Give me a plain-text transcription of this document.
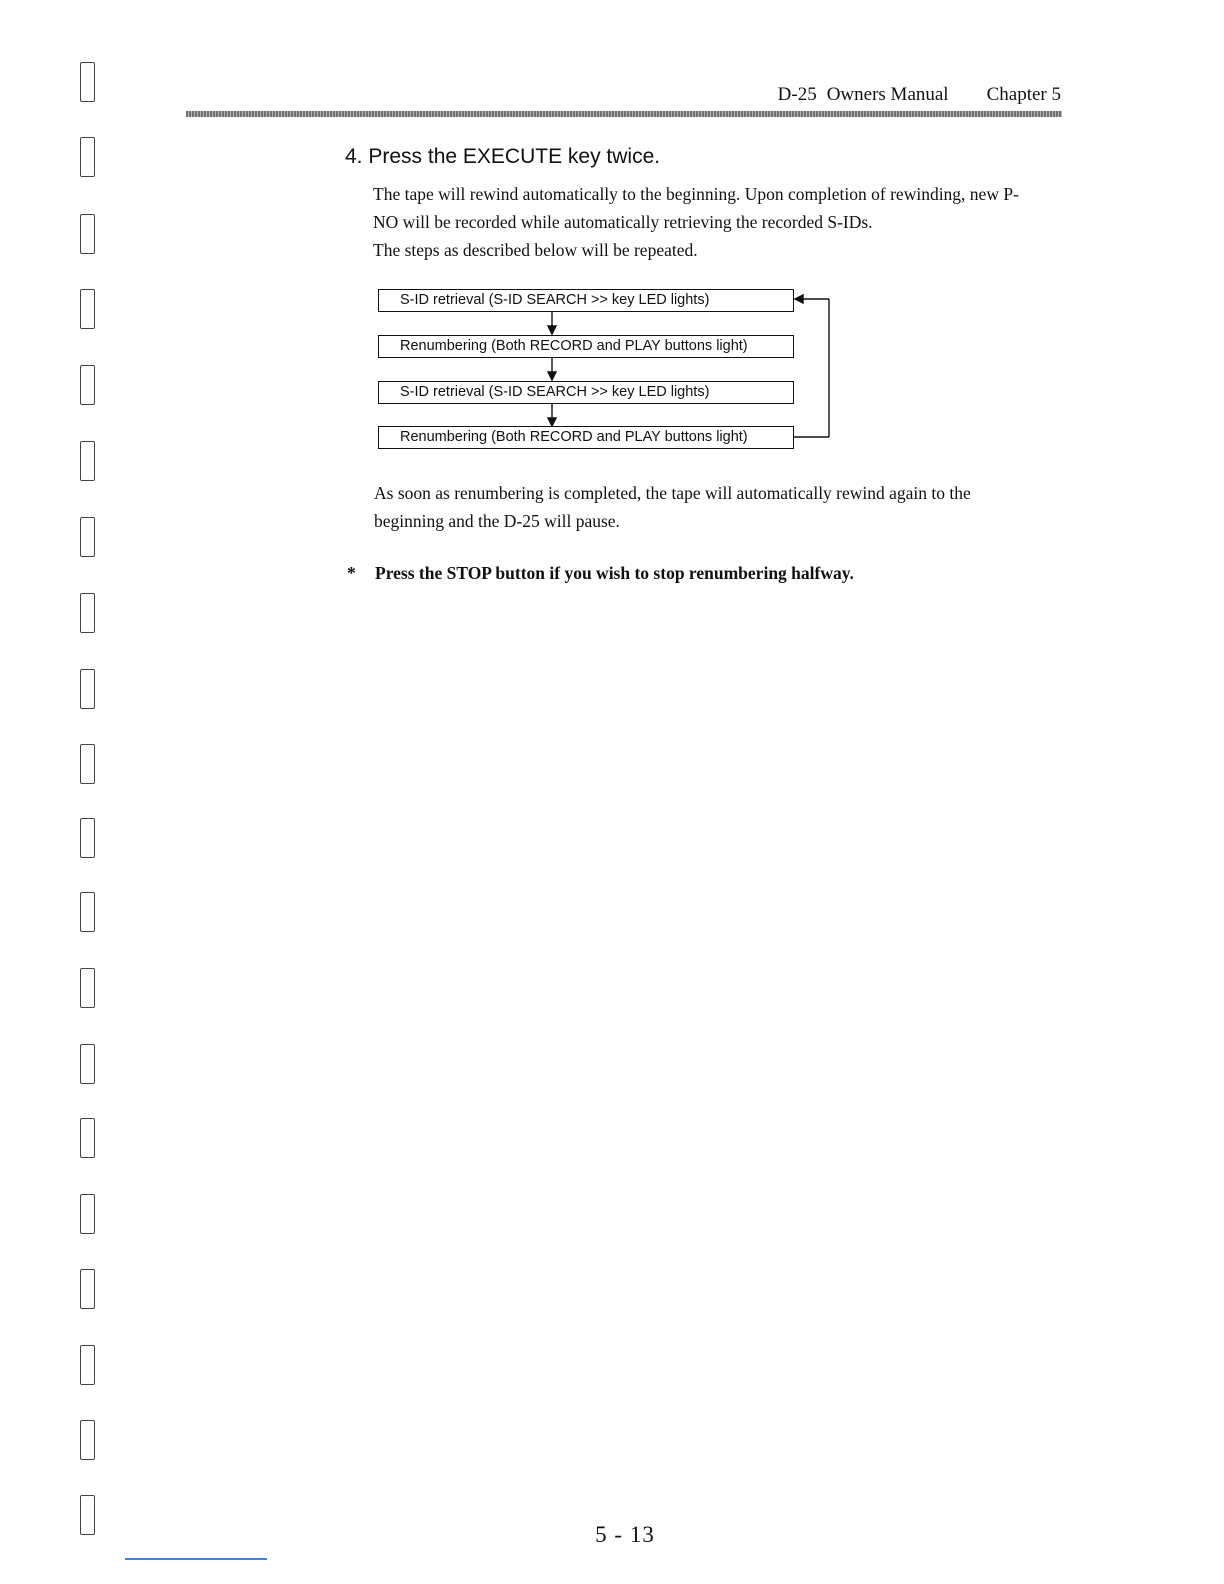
D-25 Owners Manual Chapter 5
4. Press the EXECUTE key twice.

The tape will rewind automatically to the beginning. Upon completion of rewinding, new P-

NO will be recorded while automatically retrieving the recorded S-IDs.

The steps as described below will be repeated.

S-ID retrieval (S-ID SEARCH >> key LED lights)
Renumbering (Both RECORD and PLAY buttons light)
S-ID retrieval (S-ID SEARCH >> key LED lights)
Renumbering (Both RECORD and PLAY buttons light)

As soon as renumbering is completed, the tape will automatically rewind again to the

beginning and the D-25 will pause.

* Press the STOP button if you wish to stop renumbering halfway.
5 - 13
